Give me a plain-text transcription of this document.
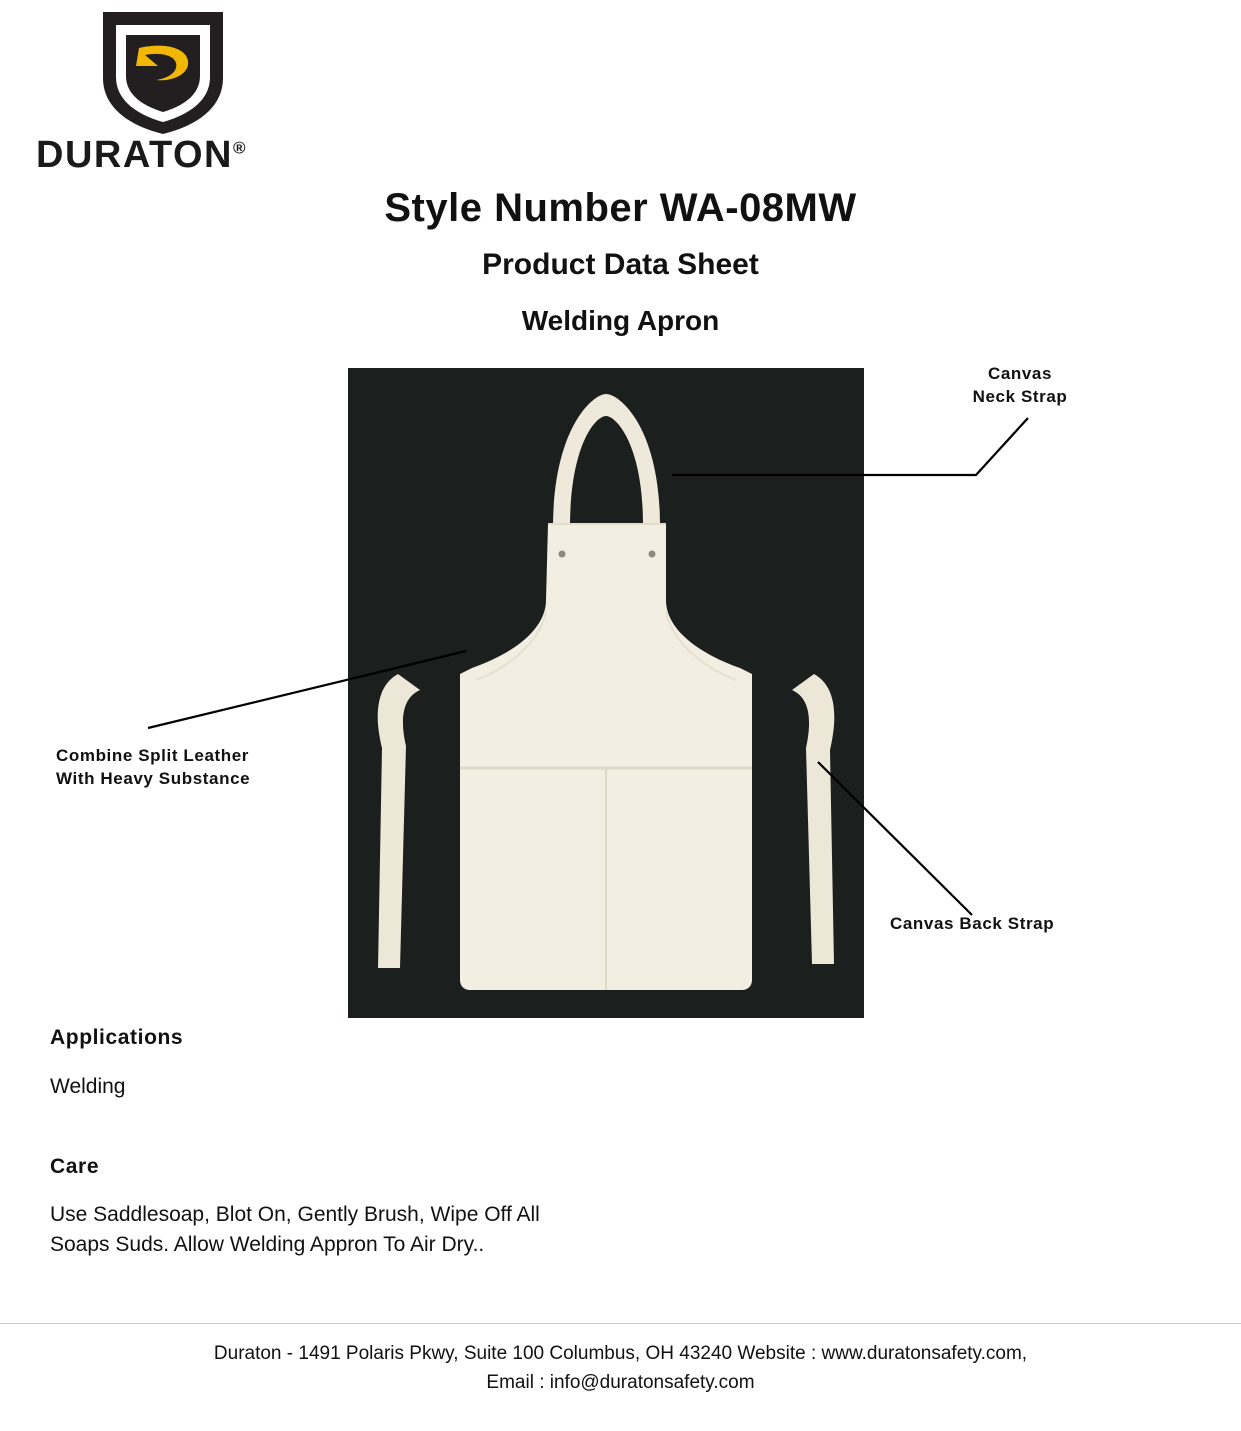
DURATON®
Style Number WA-08MW
Product Data Sheet
Welding Apron
Canvas
Neck Strap
Canvas Back Strap
Combine Split Leather
With Heavy Substance
Applications
Welding
Care
Use Saddlesoap, Blot On, Gently Brush, Wipe Off All
Soaps Suds. Allow Welding Appron To Air Dry..
Duraton - 1491 Polaris Pkwy, Suite 100 Columbus, OH 43240 Website : www.duratonsafety.com,
Email : info@duratonsafety.com
